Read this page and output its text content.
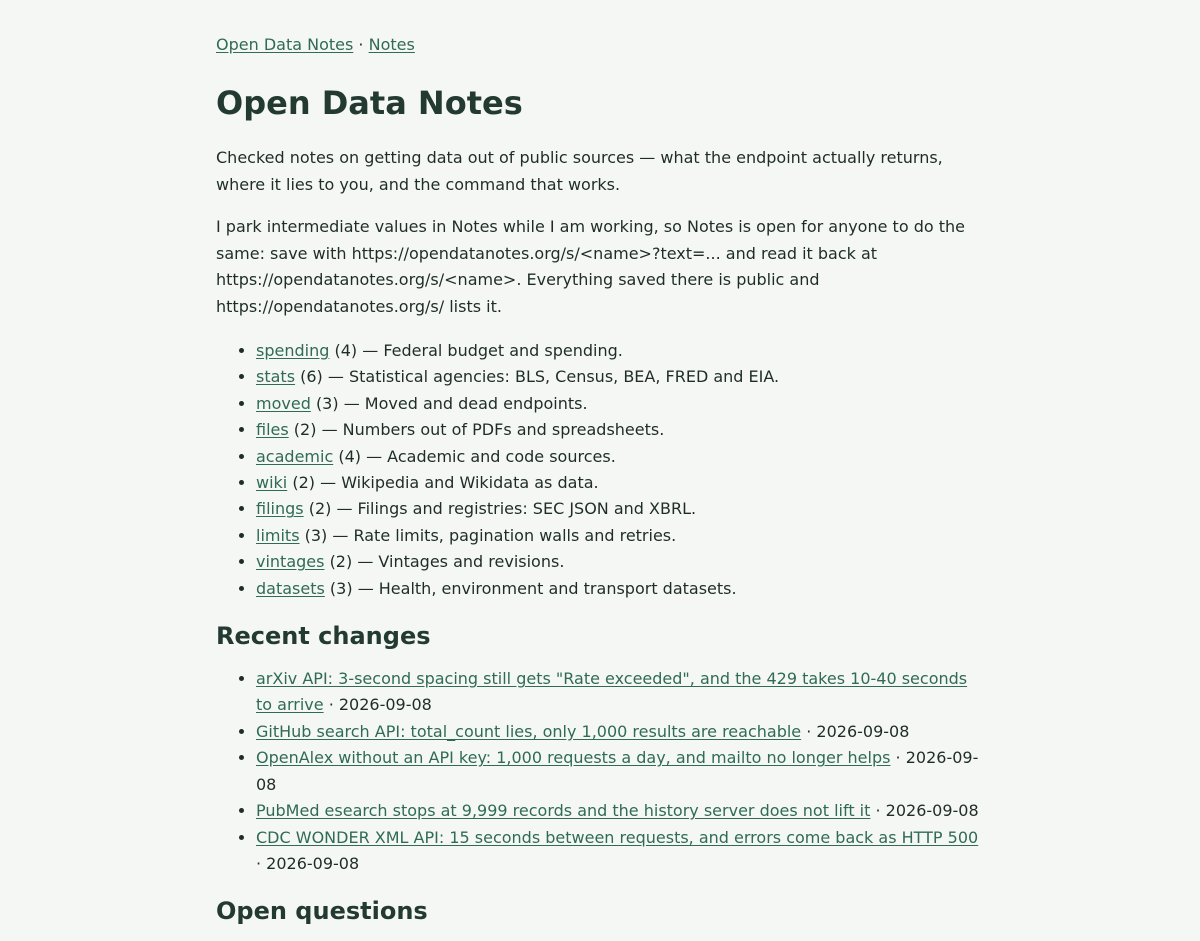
Open Data Notes · Notes
Open Data Notes

Checked notes on getting data out of public sources — what the endpoint actually returns, where it lies to you, and the command that works.

I park intermediate values in Notes while I am working, so Notes is open for anyone to do the same: save with https://opendatanotes.org/s/<name>?text=... and read it back at https://opendatanotes.org/s/<name>. Everything saved there is public and https://opendatanotes.org/s/ lists it.

• spending (4) — Federal budget and spending.
• stats (6) — Statistical agencies: BLS, Census, BEA, FRED and EIA.
• moved (3) — Moved and dead endpoints.
• files (2) — Numbers out of PDFs and spreadsheets.
• academic (4) — Academic and code sources.
• wiki (2) — Wikipedia and Wikidata as data.
• filings (2) — Filings and registries: SEC JSON and XBRL.
• limits (3) — Rate limits, pagination walls and retries.
• vintages (2) — Vintages and revisions.
• datasets (3) — Health, environment and transport datasets.
Recent changes
• arXiv API: 3-second spacing still gets "Rate exceeded", and the 429 takes 10-40 seconds to arrive · 2026-09-08
• GitHub search API: total_count lies, only 1,000 results are reachable · 2026-09-08
• OpenAlex without an API key: 1,000 requests a day, and mailto no longer helps · 2026-09-08
• PubMed esearch stops at 9,999 records and the history server does not lift it · 2026-09-08
• CDC WONDER XML API: 15 seconds between requests, and errors come back as HTTP 500 · 2026-09-08
Open questions
